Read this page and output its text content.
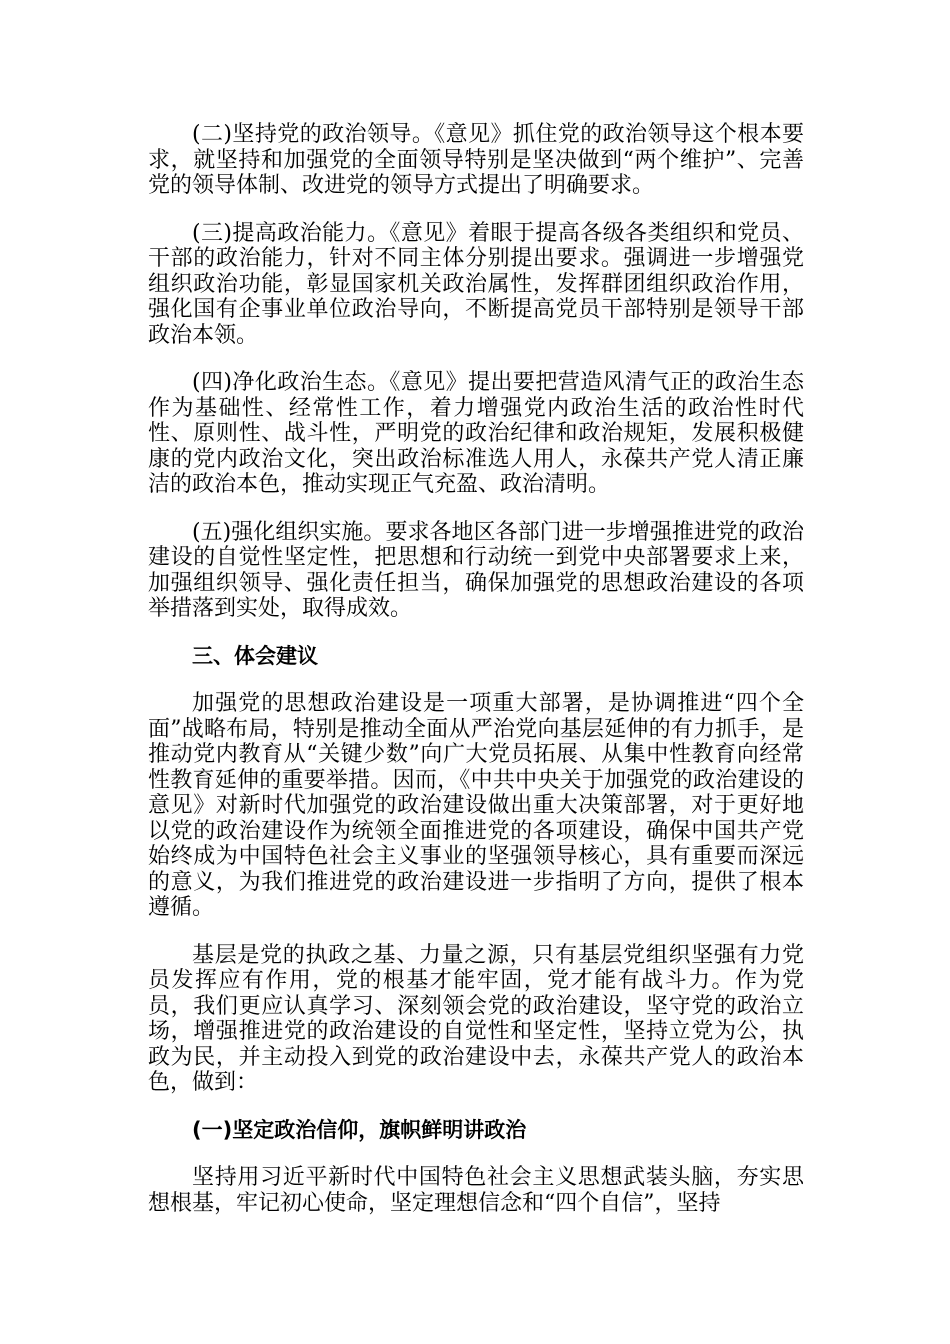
(二)坚持党的政治领导。《意见》抓住党的政治领导这个根本要求，就坚持和加强党的全面领导特别是坚决做到“两个维护”、完善党的领导体制、改进党的领导方式提出了明确要求。

(三)提高政治能力。《意见》着眼于提高各级各类组织和党员、干部的政治能力，针对不同主体分别提出要求。强调进一步增强党组织政治功能，彰显国家机关政治属性，发挥群团组织政治作用，强化国有企事业单位政治导向，不断提高党员干部特别是领导干部政治本领。

(四)净化政治生态。《意见》提出要把营造风清气正的政治生态作为基础性、经常性工作，着力增强党内政治生活的政治性时代性、原则性、战斗性，严明党的政治纪律和政治规矩，发展积极健康的党内政治文化，突出政治标准选人用人，永葆共产党人清正廉洁的政治本色，推动实现正气充盈、政治清明。

(五)强化组织实施。要求各地区各部门进一步增强推进党的政治建设的自觉性坚定性，把思想和行动统一到党中央部署要求上来，加强组织领导、强化责任担当，确保加强党的思想政治建设的各项举措落到实处，取得成效。

三、体会建议

加强党的思想政治建设是一项重大部署，是协调推进“四个全面”战略布局，特别是推动全面从严治党向基层延伸的有力抓手，是推动党内教育从“关键少数”向广大党员拓展、从集中性教育向经常性教育延伸的重要举措。因而，《中共中央关于加强党的政治建设的意见》对新时代加强党的政治建设做出重大决策部署，对于更好地以党的政治建设作为统领全面推进党的各项建设，确保中国共产党始终成为中国特色社会主义事业的坚强领导核心，具有重要而深远的意义，为我们推进党的政治建设进一步指明了方向，提供了根本遵循。

基层是党的执政之基、力量之源，只有基层党组织坚强有力党员发挥应有作用，党的根基才能牢固，党才能有战斗力。作为党员，我们更应认真学习、深刻领会党的政治建设，坚守党的政治立场，增强推进党的政治建设的自觉性和坚定性，坚持立党为公，执政为民，并主动投入到党的政治建设中去，永葆共产党人的政治本色，做到：

(一)坚定政治信仰，旗帜鲜明讲政治

坚持用习近平新时代中国特色社会主义思想武装头脑，夯实思想根基，牢记初心使命，坚定理想信念和“四个自信”，坚持
